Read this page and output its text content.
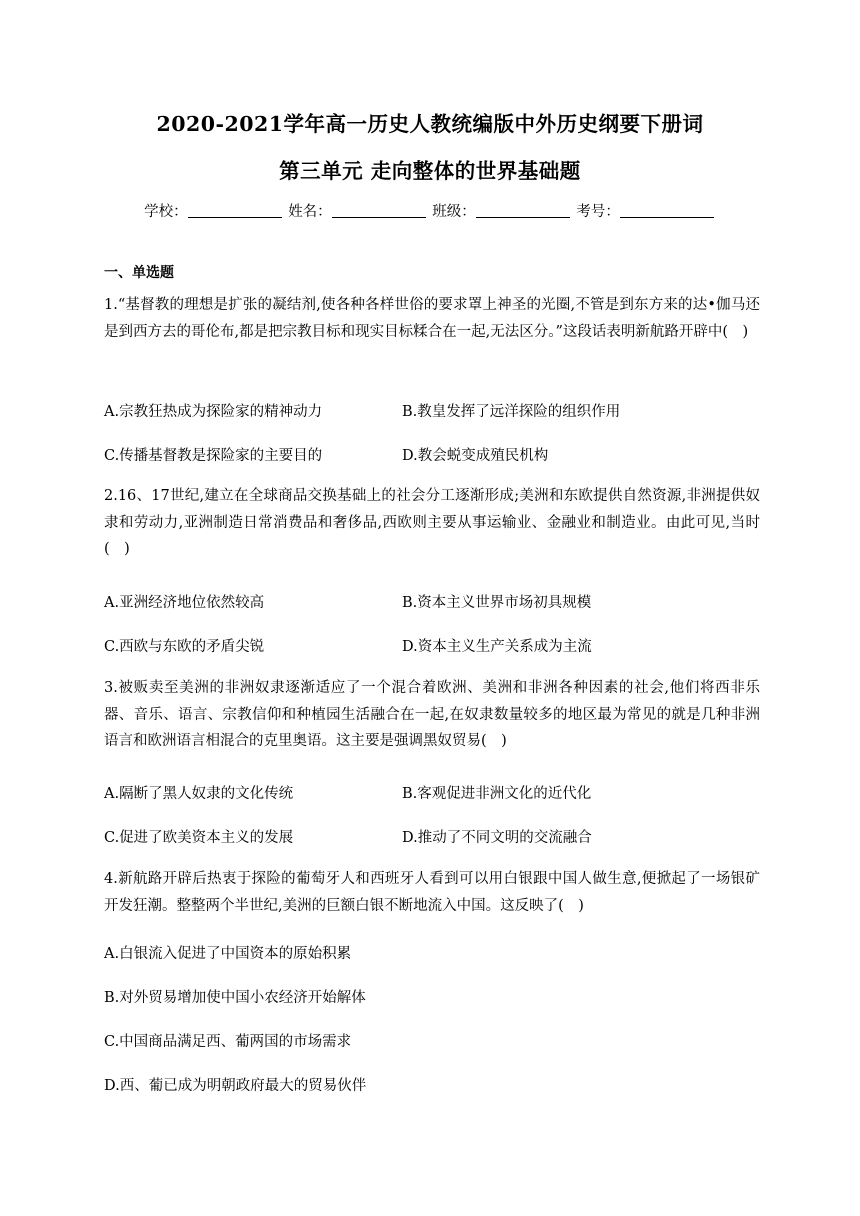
2020-2021学年高一历史人教统编版中外历史纲要下册词
第三单元 走向整体的世界基础题
学校：	姓名：	班级：	考号：
一、单选题
1.“基督教的理想是扩张的凝结剂,使各种各样世俗的要求罩上神圣的光圈,不管是到东方来的达•伽马还是到西方去的哥伦布,都是把宗教目标和现实目标糅合在一起,无法区分。”这段话表明新航路开辟中(　)
A.宗教狂热成为探险家的精神动力	B.教皇发挥了远洋探险的组织作用
C.传播基督教是探险家的主要目的	D.教会蜕变成殖民机构
2.16、17世纪,建立在全球商品交换基础上的社会分工逐渐形成;美洲和东欧提供自然资源,非洲提供奴隶和劳动力,亚洲制造日常消费品和奢侈品,西欧则主要从事运输业、金融业和制造业。由此可见,当时(　)
A.亚洲经济地位依然较高	B.资本主义世界市场初具规模
C.西欧与东欧的矛盾尖锐	D.资本主义生产关系成为主流
3.被贩卖至美洲的非洲奴隶逐渐适应了一个混合着欧洲、美洲和非洲各种因素的社会,他们将西非乐器、音乐、语言、宗教信仰和种植园生活融合在一起,在奴隶数量较多的地区最为常见的就是几种非洲语言和欧洲语言相混合的克里奥语。这主要是强调黑奴贸易(　)
A.隔断了黑人奴隶的文化传统	B.客观促进非洲文化的近代化
C.促进了欧美资本主义的发展	D.推动了不同文明的交流融合
4.新航路开辟后热衷于探险的葡萄牙人和西班牙人看到可以用白银跟中国人做生意,便掀起了一场银矿开发狂潮。整整两个半世纪,美洲的巨额白银不断地流入中国。这反映了(　)
A.白银流入促进了中国资本的原始积累
B.对外贸易增加使中国小农经济开始解体
C.中国商品满足西、葡两国的市场需求
D.西、葡已成为明朝政府最大的贸易伙伴
